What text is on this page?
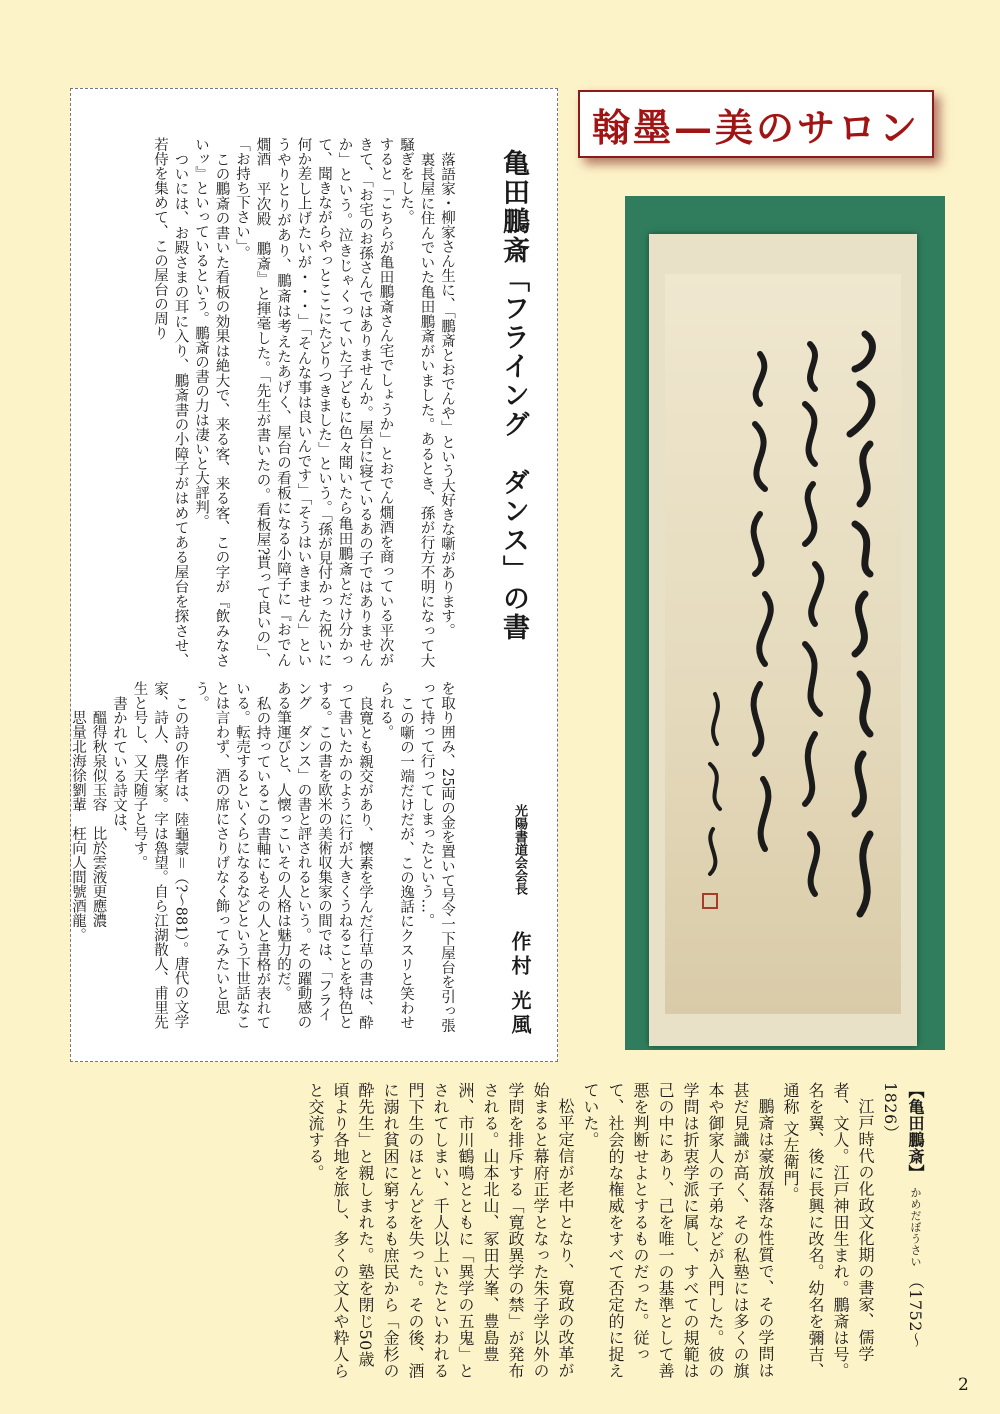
翰墨—美のサロン
亀田鵬斎「フライング　ダンス」の書
光陽書道会会長
作村 光風

落語家・柳家さん生に、「鵬斎とおでんや」という大好きな噺があります。

裏長屋に住んでいた亀田鵬斎がいました。あるとき、孫が行方不明になって大騒ぎをした。

すると「こちらが亀田鵬斎さん宅でしょうか」とおでん燗酒を商っている平次がきて、「お宅のお孫さんではありませんか。屋台に寝ているあの子ではありませんか」という。泣きじゃくっていた子どもに色々聞いたら亀田鵬斎とだけ分かって、聞きながらやっとここにたどりつきました」という。「孫が見付かった祝いに何か差し上げたいが・・・」「そんな事は良いんです」「そうはいきません」というやりとりがあり、鵬斎は考えたあげく、屋台の看板になる小障子に『おでん　燗酒　平次殿　鵬斎』と揮毫した。「先生が書いたの。看板屋?貰って良いの」、「お持ち下さい」。

この鵬斎の書いた看板の効果は絶大で、来る客、来る客、この字が『飲みなさいッ』といっているという。鵬斎の書の力は凄いと大評判。

ついには、お殿さまの耳に入り、鵬斎書の小障子がはめてある屋台を探させ、若侍を集めて、この屋台の周り

を取り囲み、25両の金を置いて号令一下屋台を引っ張って持って行ってしまったという…。

この噺の一端だけだが、この逸話にクスリと笑わせられる。

良寛とも親交があり、懐素を学んだ行草の書は、酔って書いたかのように行が大きくうねることを特色とする。この書を欧米の美術収集家の間では、「フライング　ダンス」の書と評されるという。その躍動感のある筆運びと、人懐っこいその人格は魅力的だ。

私の持っているこの書軸にもその人と書格が表れている。転売するといくらになるなどという下世話なことは言わず、酒の席にさりげなく飾ってみたいと思う。

この詩の作者は、陸龜蒙＝（?～881）。唐代の文学家、詩人、農学家。字は魯望。自ら江湖散人、甫里先生と号し、又天随子と号す。

書かれている詩文は、

醞得秋泉似玉容　比於雲液更應濃

思量北海徐劉輩　枉向人間號酒龍。

【亀田鵬斎】 かめだぼうさい （1752～1826）

江戸時代の化政文化期の書家、儒学者、文人。江戸神田生まれ。鵬斎は号。名を翼、後に長興に改名。幼名を彌吉、通称 文左衛門。

鵬斎は豪放磊落な性質で、その学問は甚だ見識が高く、その私塾には多くの旗本や御家人の子弟などが入門した。彼の学問は折衷学派に属し、すべての規範は己の中にあり、己を唯一の基準として善悪を判断せよとするものだった。従って、社会的な権威をすべて否定的に捉えていた。

松平定信が老中となり、寛政の改革が始まると幕府正学となった朱子学以外の学問を排斥する「寛政異学の禁」が発布される。山本北山、冢田大峯、豊島豊洲、市川鶴鳴とともに「異学の五鬼」とされてしまい、千人以上いたといわれる門下生のほとんどを失った。その後、酒に溺れ貧困に窮するも庶民から「金杉の酔先生」と親しまれた。塾を閉じ50歳頃より各地を旅し、多くの文人や粋人らと交流する。

2
